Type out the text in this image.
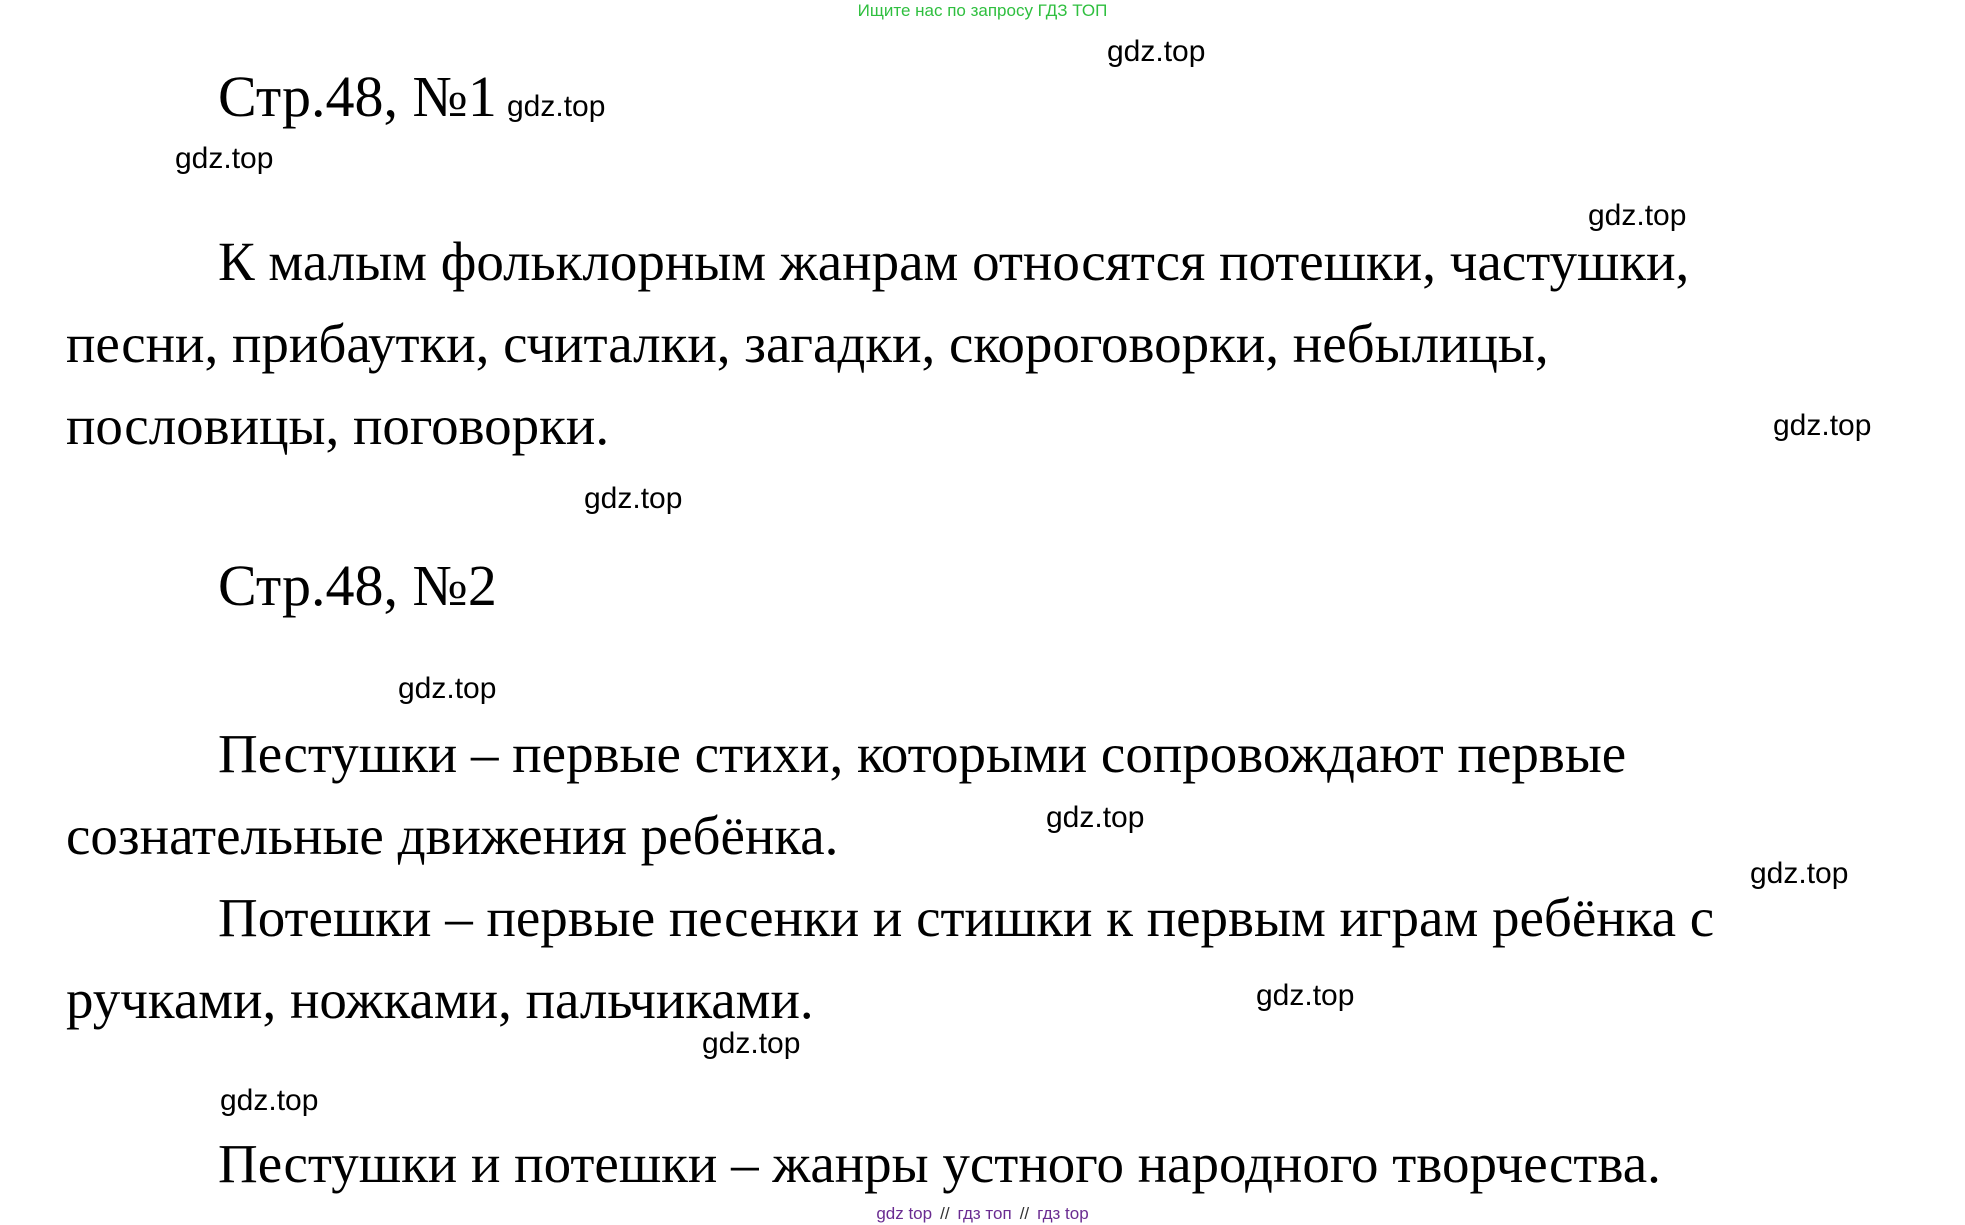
Ищите нас по запросу ГДЗ ТОП
Стр.48, №1

К малым фольклорным жанрам относятся потешки, частушки,
песни, прибаутки, считалки, загадки, скороговорки, небылицы,
пословицы, поговорки.

Стр.48, №2

Пестушки – первые стихи, которыми сопровождают первые
сознательные движения ребёнка.

Потешки – первые песенки и стишки к первым играм ребёнка с
ручками, ножками, пальчиками.

Пестушки и потешки – жанры устного народного творчества.

gdz.top
gdz.top
gdz.top
gdz.top
gdz.top
gdz.top
gdz.top
gdz.top
gdz.top
gdz.top
gdz.top
gdz.top
gdz top // гдз топ // гдз top
